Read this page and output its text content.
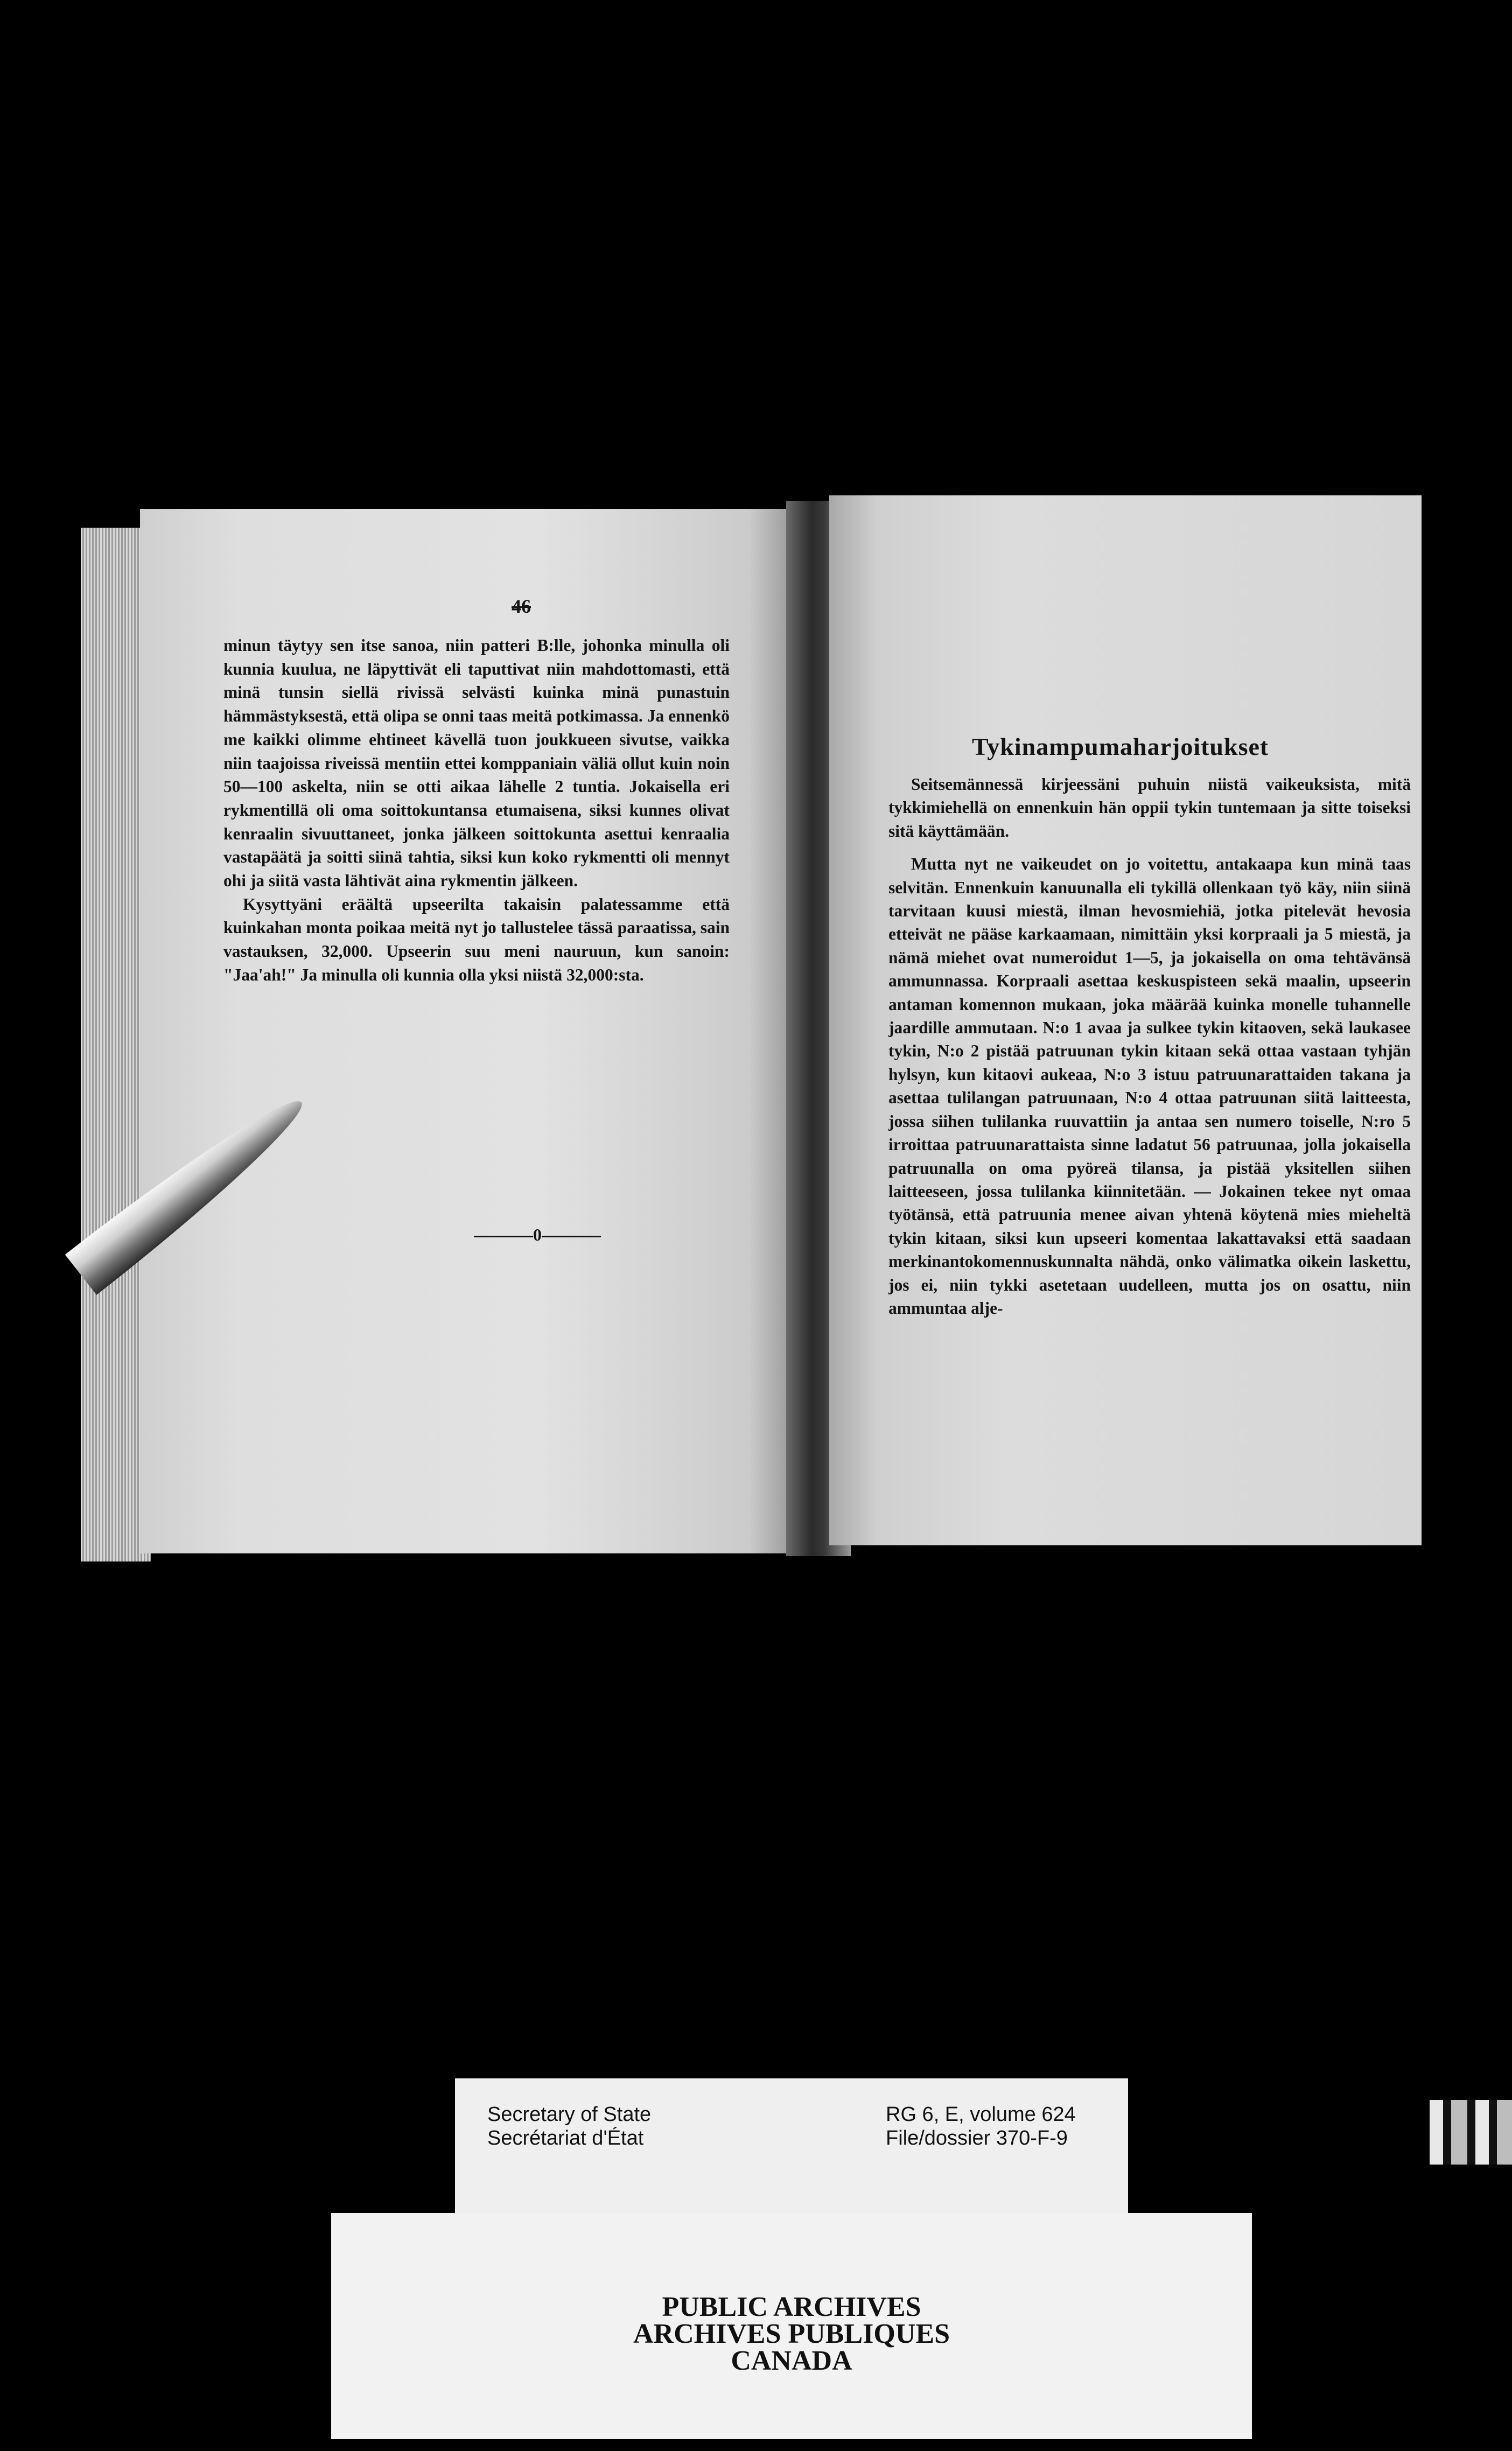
46

minun täytyy sen itse sanoa, niin patteri B:lle, johonka minulla oli kunnia kuulua, ne läpyttivät eli taputtivat niin mahdottomasti, että minä tunsin siellä rivissä selvästi kuinka minä punastuin hämmästyksestä, että olipa se onni taas meitä potkimassa. Ja ennenkö me kaikki olimme ehtineet kävellä tuon joukkueen sivutse, vaikka niin taajoissa riveissä mentiin ettei komppaniain väliä ollut kuin noin 50—100 askelta, niin se otti aikaa lähelle 2 tuntia. Jokaisella eri rykmentillä oli oma soittokuntansa etumaisena, siksi kunnes olivat kenraalin sivuuttaneet, jonka jälkeen soittokunta asettui kenraalia vastapäätä ja soitti siinä tahtia, siksi kun koko rykmentti oli mennyt ohi ja siitä vasta lähtivät aina rykmentin jälkeen.

Kysyttyäni eräältä upseerilta takaisin palatessamme että kuinkahan monta poikaa meitä nyt jo tallustelee tässä paraatissa, sain vastauksen, 32,000. Upseerin suu meni nauruun, kun sanoin: "Jaa'ah!" Ja minulla oli kunnia olla yksi niistä 32,000:sta.

0
Tykinampumaharjoitukset

Seitsemännessä kirjeessäni puhuin niistä vaikeuksista, mitä tykkimiehellä on ennenkuin hän oppii tykin tuntemaan ja sitte toiseksi sitä käyttämään.

Mutta nyt ne vaikeudet on jo voitettu, antakaapa kun minä taas selvitän. Ennenkuin kanuunalla eli tykillä ollenkaan työ käy, niin siinä tarvitaan kuusi miestä, ilman hevosmiehiä, jotka pitelevät hevosia etteivät ne pääse karkaamaan, nimittäin yksi korpraali ja 5 miestä, ja nämä miehet ovat numeroidut 1—5, ja jokaisella on oma tehtävänsä ammunnassa. Korpraali asettaa keskuspisteen sekä maalin, upseerin antaman komennon mukaan, joka määrää kuinka monelle tuhannelle jaardille ammutaan. N:o 1 avaa ja sulkee tykin kitaoven, sekä laukasee tykin, N:o 2 pistää patruunan tykin kitaan sekä ottaa vastaan tyhjän hylsyn, kun kitaovi aukeaa, N:o 3 istuu patruunarattaiden takana ja asettaa tulilangan patruunaan, N:o 4 ottaa patruunan siitä laitteesta, jossa siihen tulilanka ruuvattiin ja antaa sen numero toiselle, N:ro 5 irroittaa patruunarattaista sinne ladatut 56 patruunaa, jolla jokaisella patruunalla on oma pyöreä tilansa, ja pistää yksitellen siihen laitteeseen, jossa tulilanka kiinnitetään. — Jokainen tekee nyt omaa työtänsä, että patruunia menee aivan yhtenä köytenä mies mieheltä tykin kitaan, siksi kun upseeri komentaa lakattavaksi että saadaan merkinantokomennuskunnalta nähdä, onko välimatka oikein laskettu, jos ei, niin tykki asetetaan uudelleen, mutta jos on osattu, niin ammuntaa alje-

Secretary of State
Secrétariat d'État
RG 6, E, volume 624
File/dossier 370-F-9
PUBLIC ARCHIVES
ARCHIVES PUBLIQUES
CANADA
